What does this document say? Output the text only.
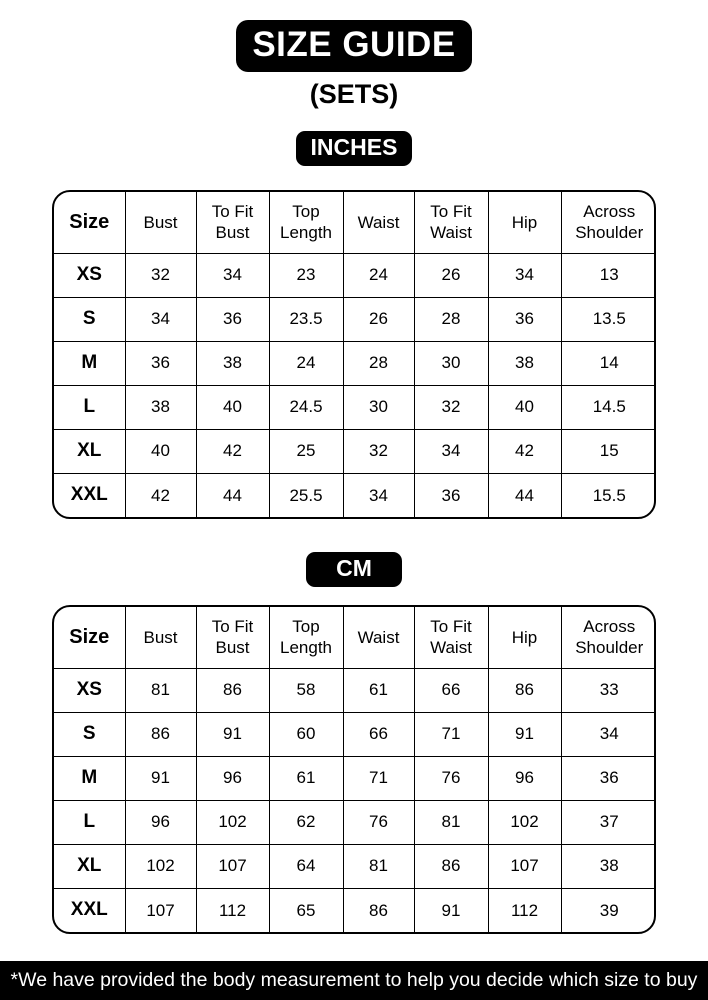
SIZE GUIDE
(SETS)
INCHES
Size	Bust	To Fit Bust	Top Length	Waist	To Fit Waist	Hip	Across Shoulder
XS	32	34	23	24	26	34	13
S	34	36	23.5	26	28	36	13.5
M	36	38	24	28	30	38	14
L	38	40	24.5	30	32	40	14.5
XL	40	42	25	32	34	42	15
XXL	42	44	25.5	34	36	44	15.5
CM
Size	Bust	To Fit Bust	Top Length	Waist	To Fit Waist	Hip	Across Shoulder
XS	81	86	58	61	66	86	33
S	86	91	60	66	71	91	34
M	91	96	61	71	76	96	36
L	96	102	62	76	81	102	37
XL	102	107	64	81	86	107	38
XXL	107	112	65	86	91	112	39
*We have provided the body measurement to help you decide which size to buy
